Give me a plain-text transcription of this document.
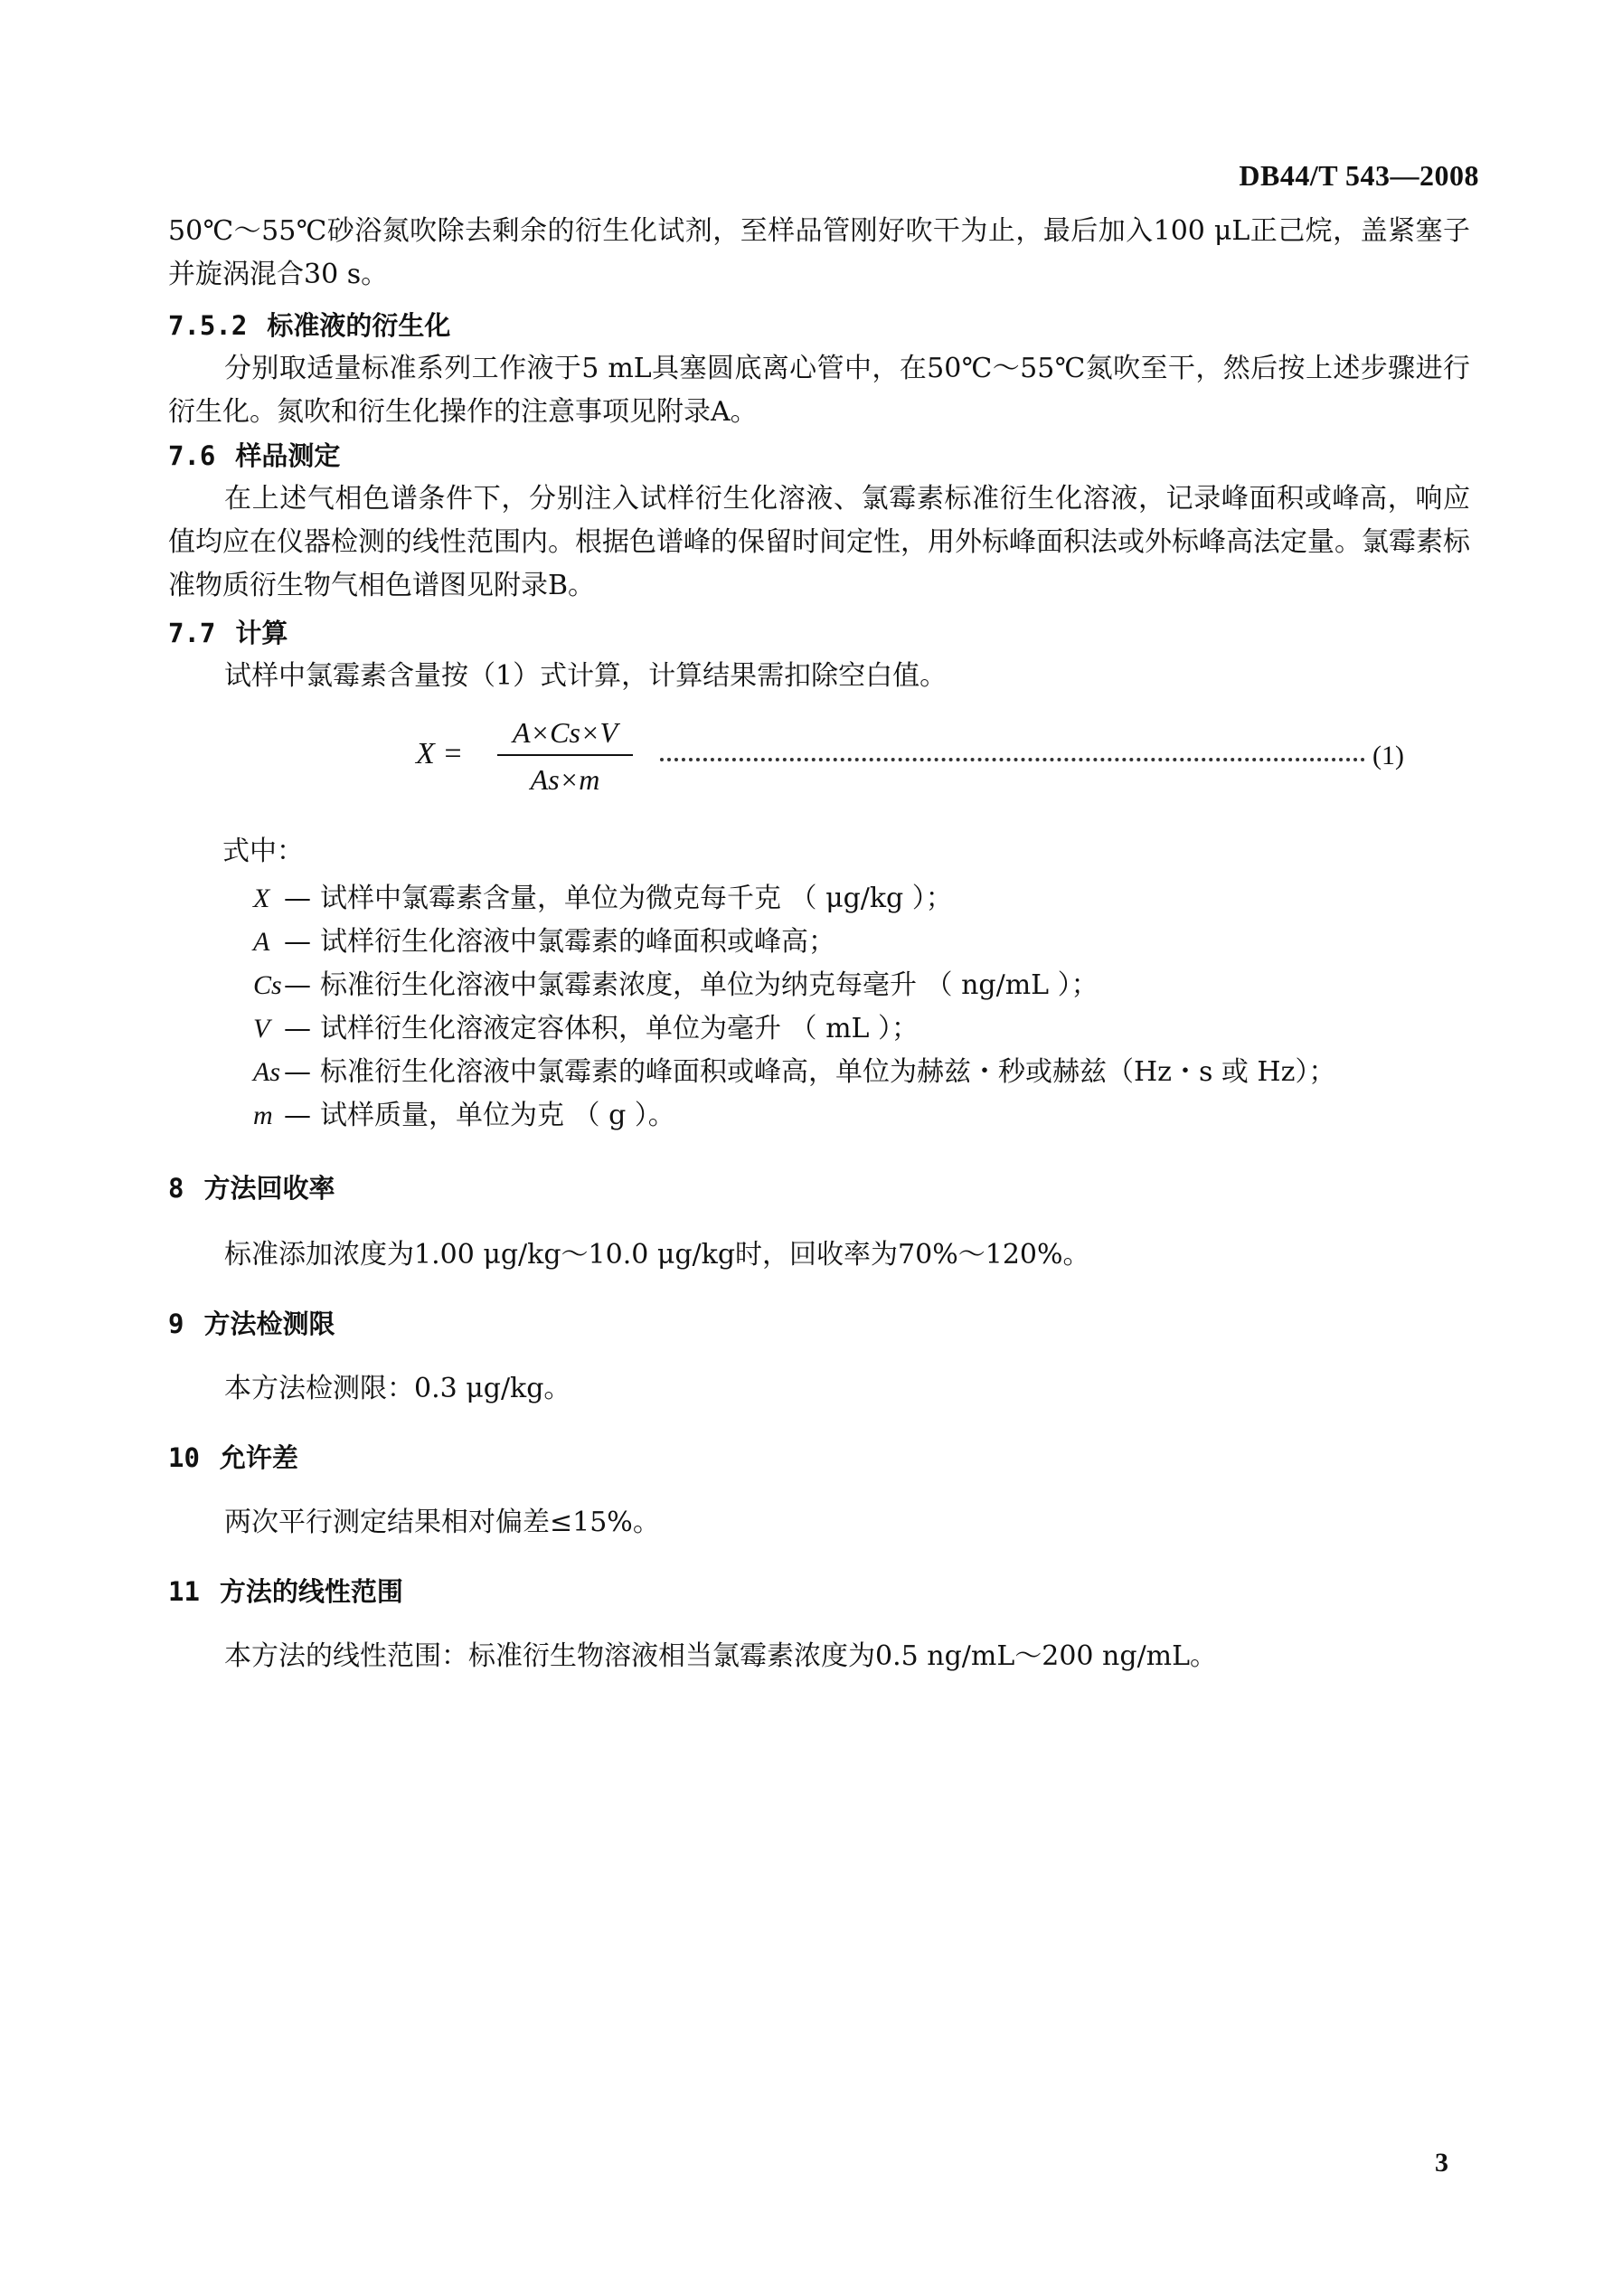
DB44/T 543—2008
50℃～55℃砂浴氮吹除去剩余的衍生化试剂，至样品管刚好吹干为止，最后加入100 μL正己烷，盖紧塞子并旋涡混合30 s。
7.5.2 标准液的衍生化
分别取适量标准系列工作液于5 mL具塞圆底离心管中，在50℃～55℃氮吹至干，然后按上述步骤进行衍生化。氮吹和衍生化操作的注意事项见附录A。
7.6 样品测定
在上述气相色谱条件下，分别注入试样衍生化溶液、氯霉素标准衍生化溶液，记录峰面积或峰高，响应值均应在仪器检测的线性范围内。根据色谱峰的保留时间定性，用外标峰面积法或外标峰高法定量。氯霉素标准物质衍生物气相色谱图见附录B。
7.7 计算
试样中氯霉素含量按（1）式计算，计算结果需扣除空白值。
X =
A×Cs×V
As×m
(1)
式中：
X — 试样中氯霉素含量，单位为微克每千克 （ μg/kg ）；
A — 试样衍生化溶液中氯霉素的峰面积或峰高；
Cs— 标准衍生化溶液中氯霉素浓度，单位为纳克每毫升 （ ng/mL ）；
V — 试样衍生化溶液定容体积，单位为毫升 （ mL ）；
As — 标准衍生化溶液中氯霉素的峰面积或峰高，单位为赫兹・秒或赫兹（Hz・s 或 Hz）；
m — 试样质量，单位为克 （ g ）。
8 方法回收率
标准添加浓度为1.00 μg/kg～10.0 μg/kg时，回收率为70%～120%。
9 方法检测限
本方法检测限：0.3 μg/kg。
10 允许差
两次平行测定结果相对偏差≤15%。
11 方法的线性范围
本方法的线性范围：标准衍生物溶液相当氯霉素浓度为0.5 ng/mL～200 ng/mL。
3
